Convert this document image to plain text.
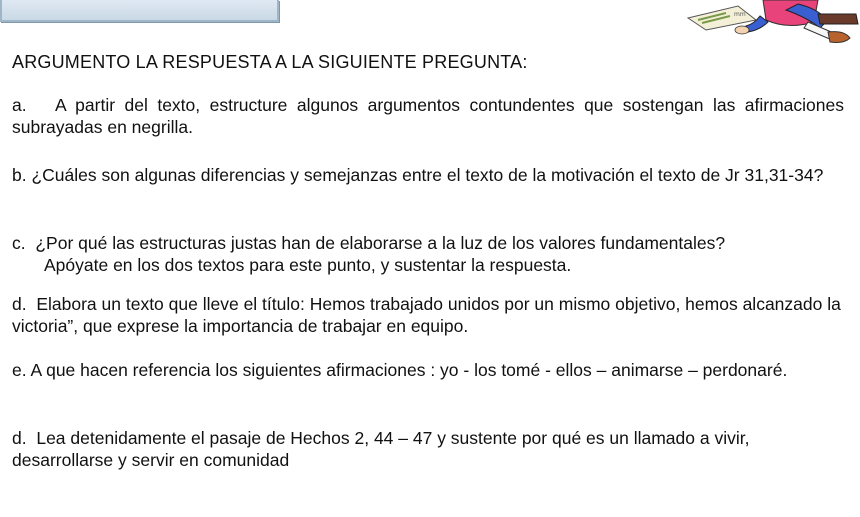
mm
ARGUMENTO LA RESPUESTA A LA SIGUIENTE PREGUNTA:

a. A partir del texto, estructure algunos argumentos contundentes que sostengan las afirmaciones subrayadas en negrilla.

b. ¿Cuáles son algunas diferencias y semejanzas entre el texto de la motivación el texto de Jr 31,31-34?

c. ¿Por qué las estructuras justas han de elaborarse a la luz de los valores fundamentales?
Apóyate en los dos textos para este punto, y sustentar la respuesta.

d. Elabora un texto que lleve el título: Hemos trabajado unidos por un mismo objetivo, hemos alcanzado la victoria”, que exprese la importancia de trabajar en equipo.

e. A que hacen referencia los siguientes afirmaciones : yo - los tomé - ellos – animarse – perdonaré.

d. Lea detenidamente el pasaje de Hechos 2, 44 – 47 y sustente por qué es un llamado a vivir, desarrollarse y servir en comunidad
